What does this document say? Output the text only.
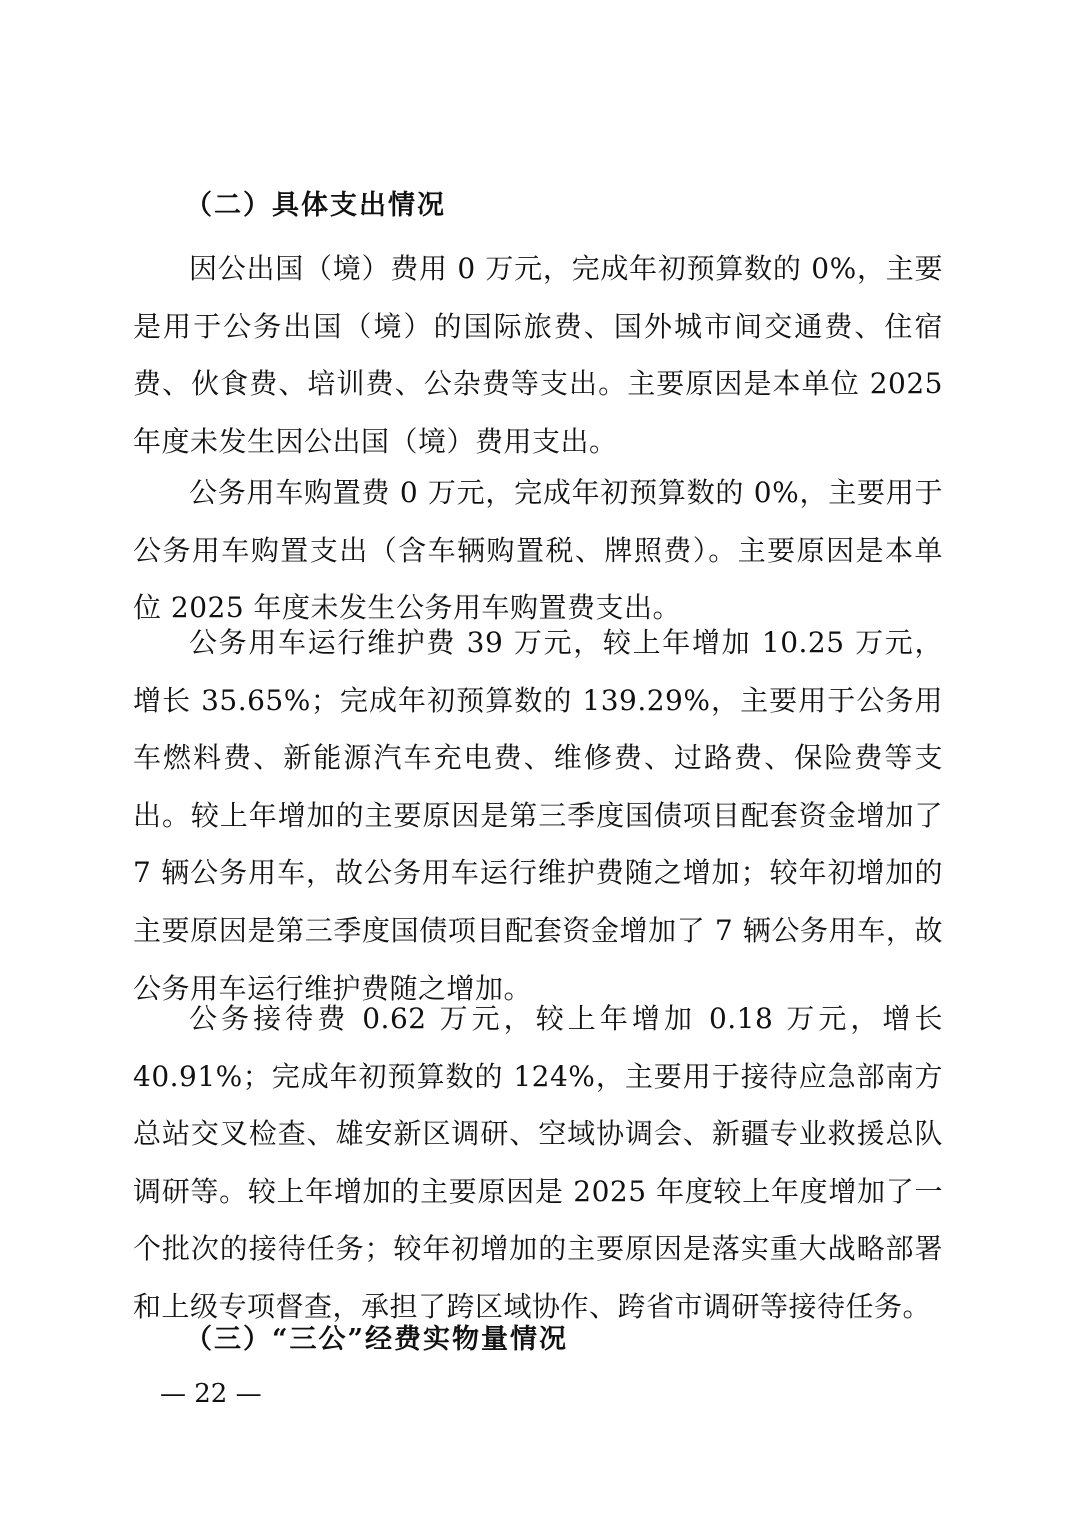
（二）具体支出情况
因公出国（境）费用 0 万元，完成年初预算数的 0%，主要是用于公务出国（境）的国际旅费、国外城市间交通费、住宿费、伙食费、培训费、公杂费等支出。主要原因是本单位 2025 年度未发生因公出国（境）费用支出。
公务用车购置费 0 万元，完成年初预算数的 0%，主要用于公务用车购置支出（含车辆购置税、牌照费）。主要原因是本单位 2025 年度未发生公务用车购置费支出。
公务用车运行维护费 39 万元，较上年增加 10.25 万元，增长 35.65%；完成年初预算数的 139.29%，主要用于公务用车燃料费、新能源汽车充电费、维修费、过路费、保险费等支出。较上年增加的主要原因是第三季度国债项目配套资金增加了 7 辆公务用车，故公务用车运行维护费随之增加；较年初增加的主要原因是第三季度国债项目配套资金增加了 7 辆公务用车，故公务用车运行维护费随之增加。
公务接待费 0.62 万元，较上年增加 0.18 万元，增长 40.91%；完成年初预算数的 124%，主要用于接待应急部南方总站交叉检查、雄安新区调研、空域协调会、新疆专业救援总队调研等。较上年增加的主要原因是 2025 年度较上年度增加了一个批次的接待任务；较年初增加的主要原因是落实重大战略部署和上级专项督查，承担了跨区域协作、跨省市调研等接待任务。
（三）“三公”经费实物量情况
— 22 —
